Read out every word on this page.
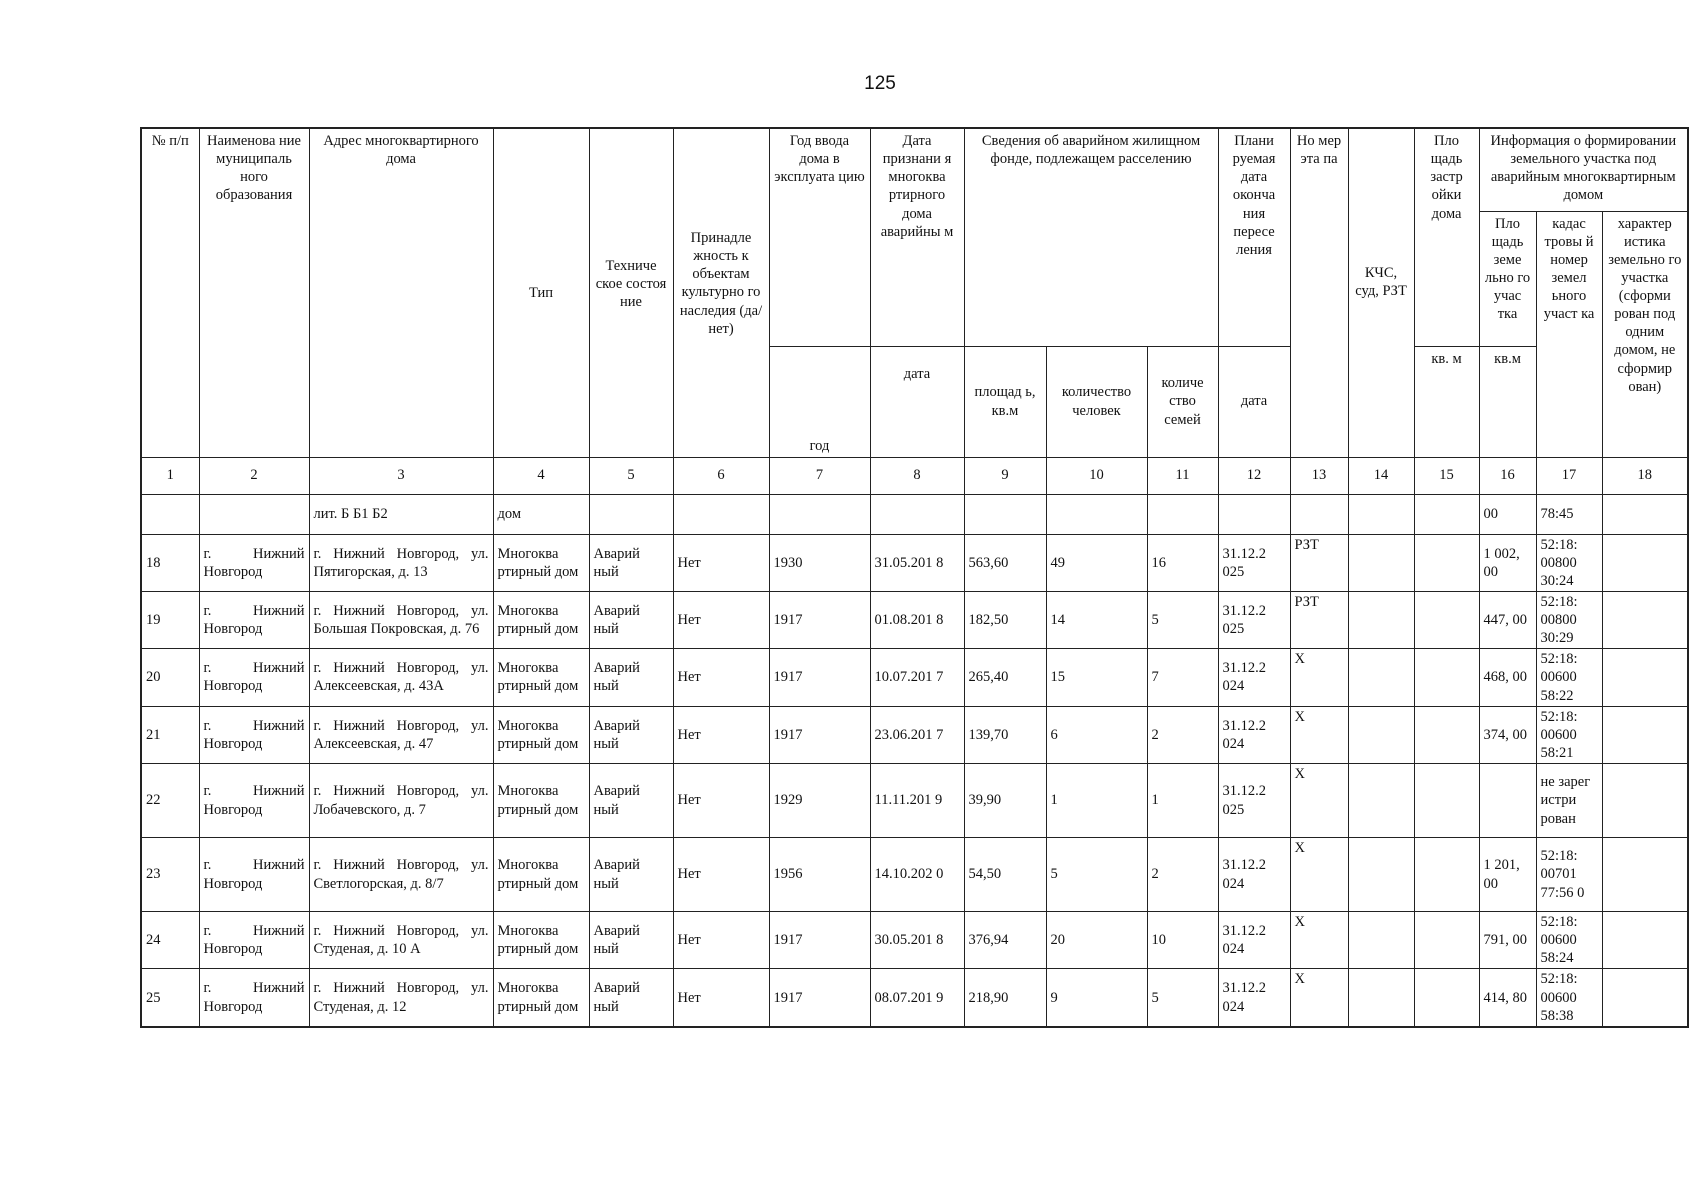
125
№ п/п	Наименова ние муниципаль ного образования	Адрес многоквартирного дома	Тип	Техниче ское состоя ние	Принадле жность к объектам культурно го наследия (да/нет)	Год ввода дома в эксплуата цию	Дата признани я многоква ртирного дома аварийны м	Сведения об аварийном жилищном фонде, подлежащем расселению			Плани руемая дата оконча ния пересе ления	Но мер эта па	КЧС, суд, РЗТ	Пло щадь застр ойки дома	Информация о формировании земельного участка под аварийным многоквартирным домом		
															Пло щадь земе льно го учас тка	кадас тровы й номер земел ьного участ ка	характер истика земельно го участка (сформи рован под одним домом, не сформир ован)
						год	дата	площад ь, кв.м	количество человек	количе ство семей	дата			кв. м	кв.м		
1	2	3	4	5	6	7	8	9	10	11	12	13	14	15	16	17	18
		лит. Б Б1 Б2	дом												00	78:45	
18	г. Нижний Новгород	г. Нижний Новгород, ул. Пятигорская, д. 13	Многоква ртирный дом	Аварий ный	Нет	1930	31.05.201 8	563,60	49	16	31.12.2 025	РЗТ			1 002, 00	52:18: 00800 30:24	
19	г. Нижний Новгород	г. Нижний Новгород, ул. Большая Покровская, д. 76	Многоква ртирный дом	Аварий ный	Нет	1917	01.08.201 8	182,50	14	5	31.12.2 025	РЗТ			447, 00	52:18: 00800 30:29	
20	г. Нижний Новгород	г. Нижний Новгород, ул. Алексеевская, д. 43А	Многоква ртирный дом	Аварий ный	Нет	1917	10.07.201 7	265,40	15	7	31.12.2 024	Х			468, 00	52:18: 00600 58:22	
21	г. Нижний Новгород	г. Нижний Новгород, ул. Алексеевская, д. 47	Многоква ртирный дом	Аварий ный	Нет	1917	23.06.201 7	139,70	6	2	31.12.2 024	Х			374, 00	52:18: 00600 58:21	
22	г. Нижний Новгород	г. Нижний Новгород, ул. Лобачевского, д. 7	Многоква ртирный дом	Аварий ный	Нет	1929	11.11.201 9	39,90	1	1	31.12.2 025	Х				не зарег истри рован	
23	г. Нижний Новгород	г. Нижний Новгород, ул. Светлогорская, д. 8/7	Многоква ртирный дом	Аварий ный	Нет	1956	14.10.202 0	54,50	5	2	31.12.2 024	Х			1 201, 00	52:18: 00701 77:56 0	
24	г. Нижний Новгород	г. Нижний Новгород, ул. Студеная, д. 10 А	Многоква ртирный дом	Аварий ный	Нет	1917	30.05.201 8	376,94	20	10	31.12.2 024	Х			791, 00	52:18: 00600 58:24	
25	г. Нижний Новгород	г. Нижний Новгород, ул. Студеная, д. 12	Многоква ртирный дом	Аварий ный	Нет	1917	08.07.201 9	218,90	9	5	31.12.2 024	Х			414, 80	52:18: 00600 58:38	
